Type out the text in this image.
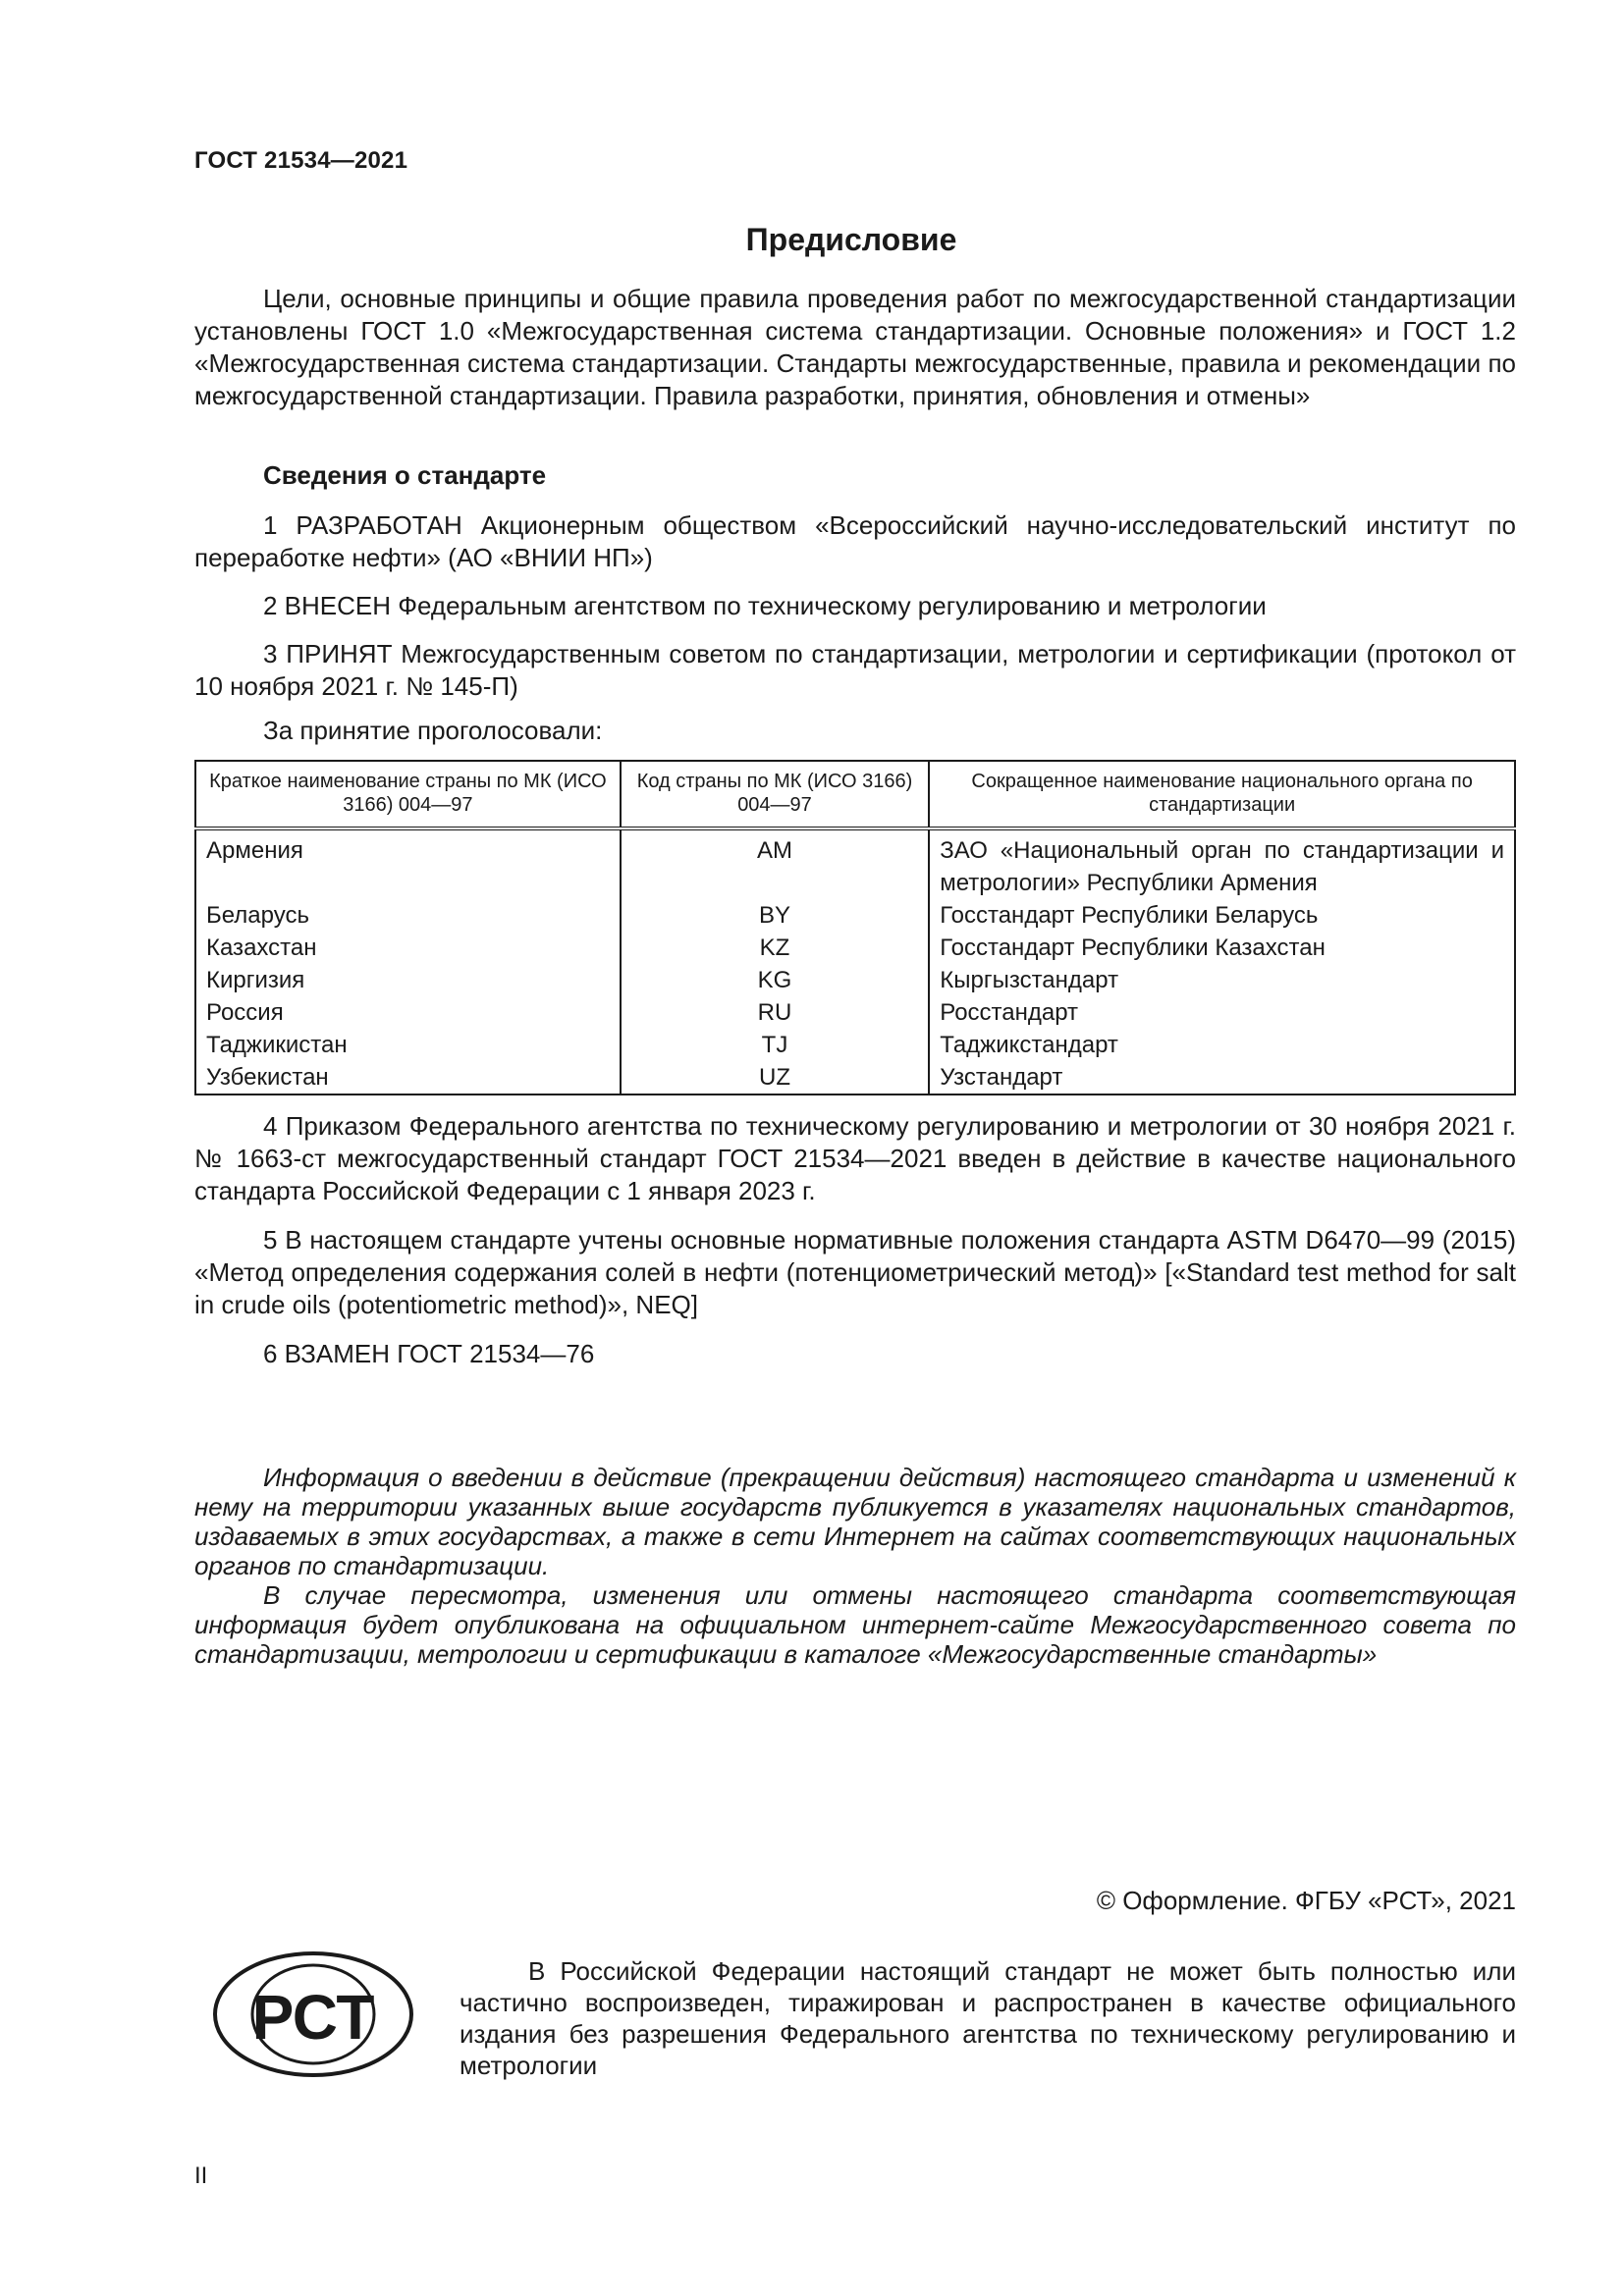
ГОСТ 21534—2021
Предисловие

Цели, основные принципы и общие правила проведения работ по межгосударственной стандартизации установлены ГОСТ 1.0 «Межгосударственная система стандартизации. Основные положения» и ГОСТ 1.2 «Межгосударственная система стандартизации. Стандарты межгосударственные, правила и рекомендации по межгосударственной стандартизации. Правила разработки, принятия, обновления и отмены»

Сведения о стандарте

1 РАЗРАБОТАН Акционерным обществом «Всероссийский научно-исследовательский институт по переработке нефти» (АО «ВНИИ НП»)

2 ВНЕСЕН Федеральным агентством по техническому регулированию и метрологии

3 ПРИНЯТ Межгосударственным советом по стандартизации, метрологии и сертификации (протокол от 10 ноября 2021 г. № 145-П)

За принятие проголосовали:

Краткое наименование страны по МК (ИСО 3166) 004—97	Код страны по МК (ИСО 3166) 004—97	Сокращенное наименование национального органа по стандартизации
Армения	AM	ЗАО «Национальный орган по стандартизации и метрологии» Республики Армения
Беларусь	BY	Госстандарт Республики Беларусь
Казахстан	KZ	Госстандарт Республики Казахстан
Киргизия	KG	Кыргызстандарт
Россия	RU	Росстандарт
Таджикистан	TJ	Таджикстандарт
Узбекистан	UZ	Узстандарт

4 Приказом Федерального агентства по техническому регулированию и метрологии от 30 ноября 2021 г. № 1663-ст межгосударственный стандарт ГОСТ 21534—2021 введен в действие в качестве национального стандарта Российской Федерации с 1 января 2023 г.

5 В настоящем стандарте учтены основные нормативные положения стандарта ASTM D6470—99 (2015) «Метод определения содержания солей в нефти (потенциометрический метод)» [«Standard test method for salt in crude oils (potentiometric method)», NEQ]

6 ВЗАМЕН ГОСТ 21534—76

Информация о введении в действие (прекращении действия) настоящего стандарта и изменений к нему на территории указанных выше государств публикуется в указателях национальных стандартов, издаваемых в этих государствах, а также в сети Интернет на сайтах соответствующих национальных органов по стандартизации.

В случае пересмотра, изменения или отмены настоящего стандарта соответствующая информация будет опубликована на официальном интернет-сайте Межгосударственного совета по стандартизации, метрологии и сертификации в каталоге «Межгосударственные стандарты»

© Оформление. ФГБУ «РСТ», 2021
РСТ

В Российской Федерации настоящий стандарт не может быть полностью или частично воспроизведен, тиражирован и распространен в качестве официального издания без разрешения Федерального агентства по техническому регулированию и метрологии

II
